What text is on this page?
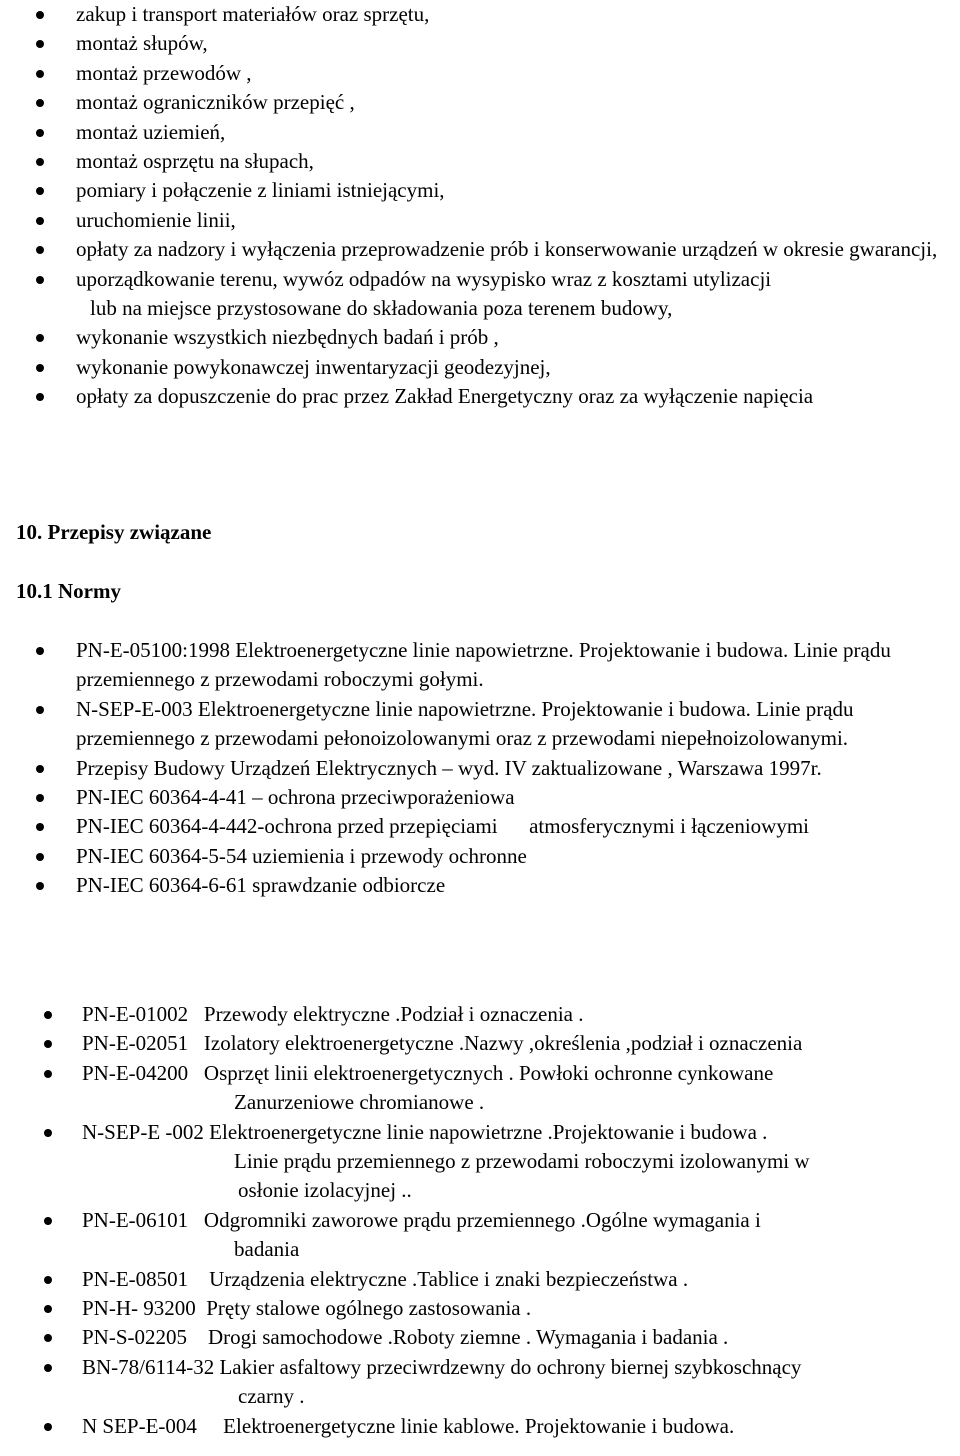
zakup i transport materiałów oraz sprzętu,
montaż słupów,
montaż przewodów ,
montaż ograniczników przepięć ,
montaż uziemień,
montaż osprzętu na słupach,
pomiary i połączenie z liniami istniejącymi,
uruchomienie linii,
opłaty za nadzory i wyłączenia przeprowadzenie prób i konserwowanie urządzeń w okresie gwarancji,
uporządkowanie terenu, wywóz odpadów na wysypisko wraz z kosztami utylizacji
lub na miejsce przystosowane do składowania poza terenem budowy,
wykonanie wszystkich niezbędnych badań i prób ,
wykonanie powykonawczej inwentaryzacji geodezyjnej,
opłaty za dopuszczenie do prac przez Zakład Energetyczny oraz za wyłączenie napięcia
10. Przepisy związane
10.1 Normy
PN-E-05100:1998 Elektroenergetyczne linie napowietrzne. Projektowanie i budowa. Linie prądu przemiennego z przewodami roboczymi gołymi.
N-SEP-E-003 Elektroenergetyczne linie napowietrzne. Projektowanie i budowa. Linie prądu przemiennego z przewodami pełonoizolowanymi oraz z przewodami niepełnoizolowanymi.
Przepisy Budowy Urządzeń Elektrycznych – wyd. IV zaktualizowane , Warszawa 1997r.
PN-IEC 60364-4-41 – ochrona przeciwporażeniowa
PN-IEC 60364-4-442-ochrona przed przepięciami      atmosferycznymi i łączeniowymi
PN-IEC 60364-5-54 uziemienia i przewody ochronne
PN-IEC 60364-6-61 sprawdzanie odbiorcze
PN-E-01002 Przewody elektryczne .Podział i oznaczenia .
PN-E-02051 Izolatory elektroenergetyczne .Nazwy ,określenia ,podział i oznaczenia
PN-E-04200 Osprzęt linii elektroenergetycznych . Powłoki ochronne cynkowane
Zanurzeniowe chromianowe .
N-SEP-E -002 Elektroenergetyczne linie napowietrzne .Projektowanie i budowa .
Linie prądu przemiennego z przewodami roboczymi izolowanymi w
osłonie izolacyjnej ..
PN-E-06101 Odgromniki zaworowe prądu przemiennego .Ogólne wymagania i
badania
PN-E-08501 Urządzenia elektryczne .Tablice i znaki bezpieczeństwa .
PN-H- 93200 Pręty stalowe ogólnego zastosowania .
PN-S-02205 Drogi samochodowe .Roboty ziemne . Wymagania i badania .
BN-78/6114-32 Lakier asfaltowy przeciwrdzewny do ochrony biernej szybkoschnący
czarny .
N SEP-E-004 Elektroenergetyczne linie kablowe. Projektowanie i budowa.
